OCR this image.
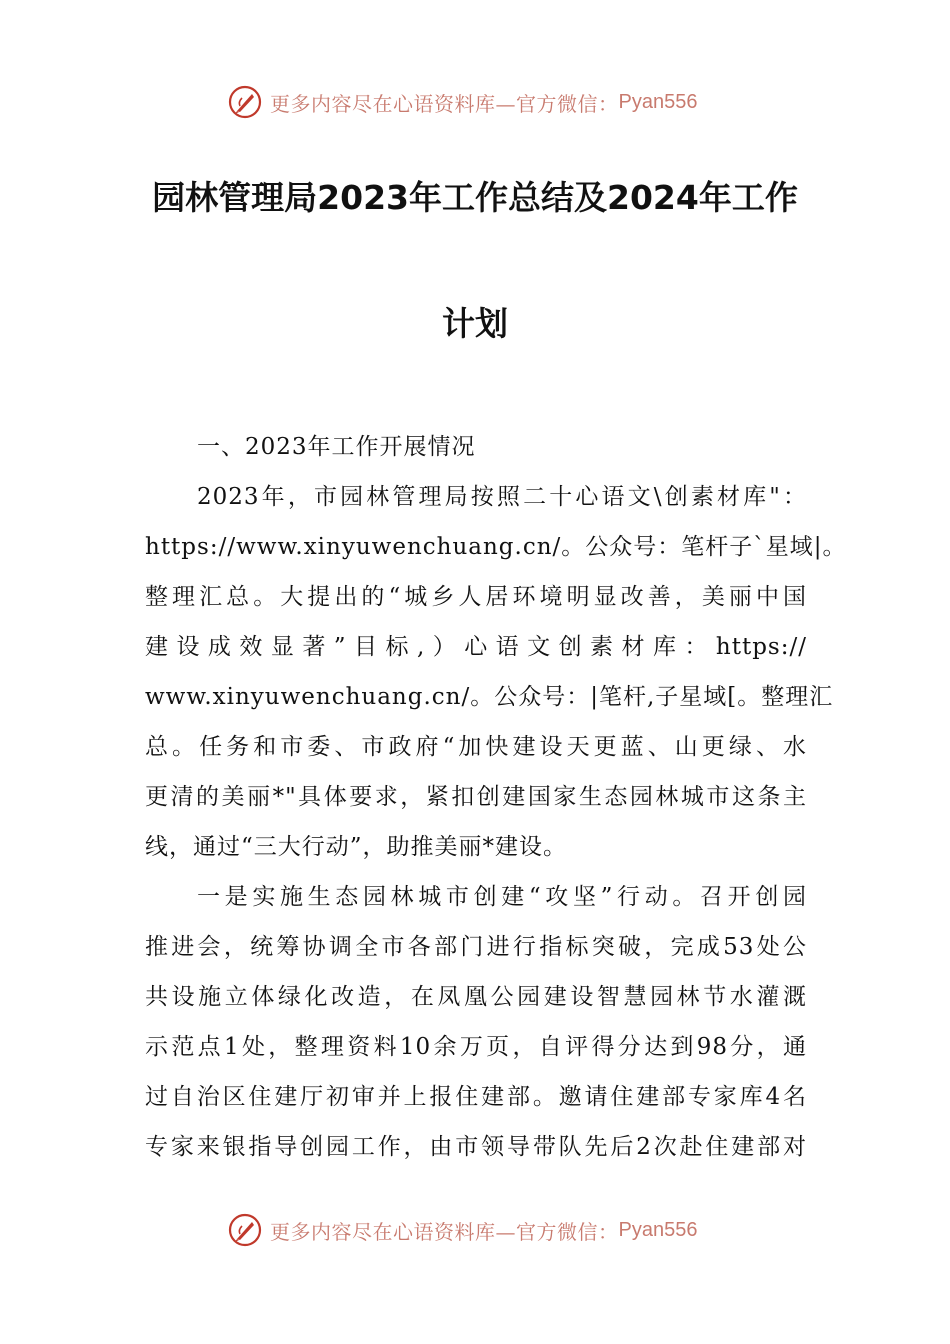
更多内容尽在心语资料库—官方微信： Pyan556
园林管理局2023年工作总结及2024年工作
计划
一、2023年工作开展情况
2023年，市园林管理局按照二十心语文\创素材库"：
https://www.xinyuwenchuang.cn/。公众号：笔杆子`星域|。
整理汇总。大提出的“城乡人居环境明显改善，美丽中国
建设成效显著”目标,）心语文创素材库：https://
www.xinyuwenchuang.cn/。公众号：|笔杆,子星域[。整理汇
总。任务和市委、市政府“加快建设天更蓝、山更绿、水
更清的美丽*"具体要求，紧扣创建国家生态园林城市这条主
线，通过“三大行动”，助推美丽*建设。
一是实施生态园林城市创建“攻坚”行动。召开创园
推进会，统筹协调全市各部门进行指标突破，完成53处公
共设施立体绿化改造，在凤凰公园建设智慧园林节水灌溉
示范点1处，整理资料10余万页，自评得分达到98分，通
过自治区住建厅初审并上报住建部。邀请住建部专家库4名
专家来银指导创园工作，由市领导带队先后2次赴住建部对
更多内容尽在心语资料库—官方微信： Pyan556
